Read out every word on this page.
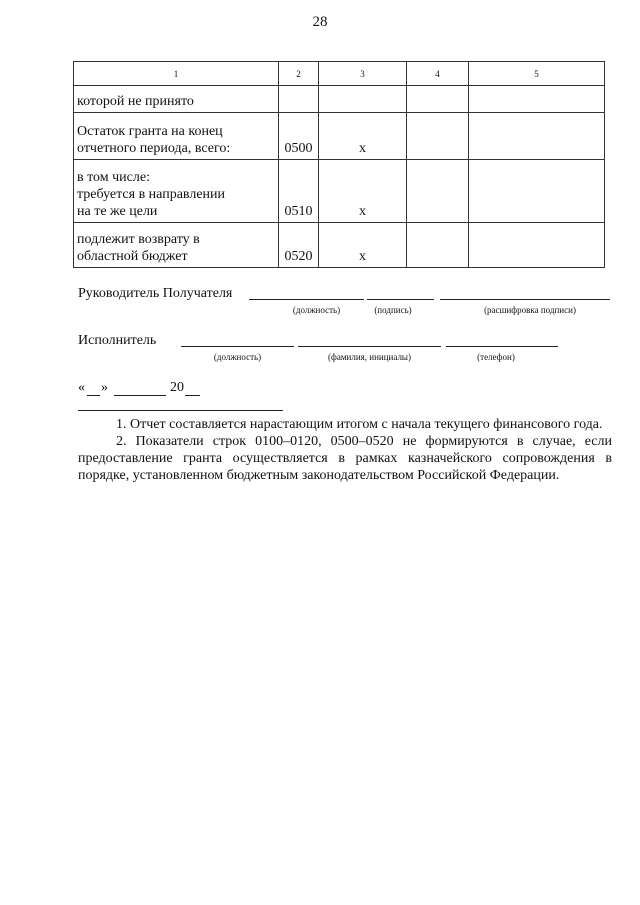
28
1	2	3	4	5
которой не принято				

Остаток гранта на конец
отчетного периода, всего:	0500	x		

в том числе:
требуется в направлении
на те же цели	0510	x		

подлежит возврату в
областной бюджет	0520	x		
Руководитель Получателя
(должность)	(подпись)	(расшифровка подписи)
Исполнитель
(должность)	(фамилия, инициалы)	(телефон)
« »	20

1. Отчет составляется нарастающим итогом с начала текущего финансового года.

2. Показатели строк 0100–0120, 0500–0520 не формируются в случае, если предоставление гранта осуществляется в рамках казначейского сопровождения в порядке, установленном бюджетным законодательством Российской Федерации.
